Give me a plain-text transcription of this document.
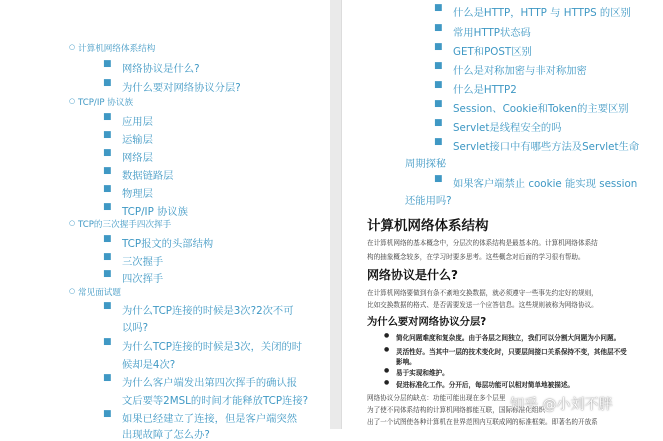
○ 计算机网络体系结构
■ 网络协议是什么?
■ 为什么要对网络协议分层?
○ TCP/IP 协议族
■ 应用层
■ 运输层
■ 网络层
■ 数据链路层
■ 物理层
■ TCP/IP 协议族
○ TCP的三次握手四次挥手
■ TCP报文的头部结构
■ 三次握手
■ 四次挥手
○ 常见面试题
■ 为什么TCP连接的时候是3次?2次不可
以吗?
■ 为什么TCP连接的时候是3次，关闭的时
候却是4次?
■ 为什么客户端发出第四次挥手的确认报
文后要等2MSL的时间才能释放TCP连接?
■ 如果已经建立了连接，但是客户端突然
出现故障了怎么办?
■ 什么是HTTP，HTTP 与 HTTPS 的区别
■ 常用HTTP状态码
■ GET和POST区别
■ 什么是对称加密与非对称加密
■ 什么是HTTP2
■ Session、Cookie和Token的主要区别
■ Servlet是线程安全的吗
■ Servlet接口中有哪些方法及Servlet生命
周期探秘
■ 如果客户端禁止 cookie 能实现 session
还能用吗?
计算机网络体系结构
在计算机网络的基本概念中，分层次的体系结构是最基本的。计算机网络体系结
构的抽象概念较多，在学习时要多思考。这些概念对后面的学习很有帮助。
网络协议是什么?
在计算机网络要做到有条不紊地交换数据，就必须遵守一些事先约定好的规则，
比如交换数据的格式、是否需要发送一个应答信息。这些规则被称为网络协议。
为什么要对网络协议分层?
● 简化问题难度和复杂度。由于各层之间独立，我们可以分割大问题为小问题。
● 灵活性好。当其中一层的技术变化时，只要层间接口关系保持不变，其他层不受
影响。
● 易于实现和维护。
● 促进标准化工作。分开后，每层功能可以相对简单地被描述。
网络协议分层的缺点：功能可能出现在多个层里
为了使不同体系结构的计算机网络都能互联，国际标准化组织
出了一个试图使各种计算机在世界范围内互联成网的标准框架。即著名的开放系
知乎 @小刘不胖
